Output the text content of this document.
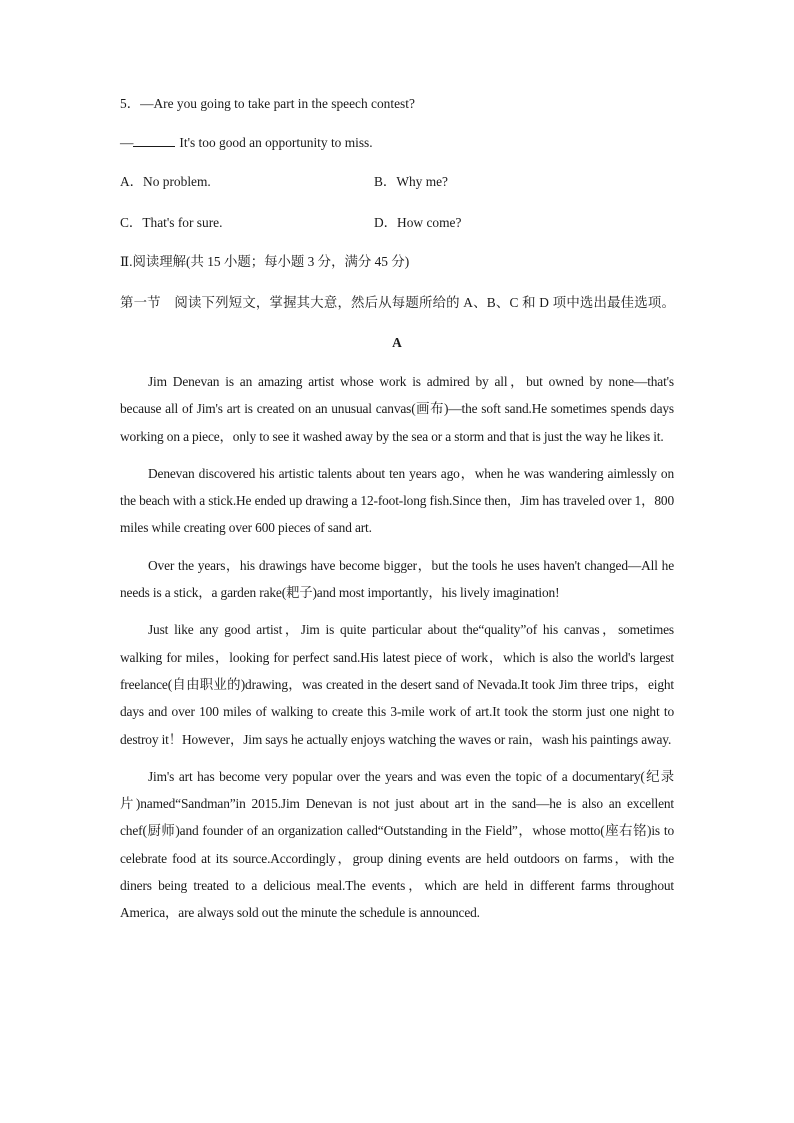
5．—Are you going to take part in the speech contest?
—	It's too good an opportunity to miss.
A．No problem.	B．Why me?
C．That's for sure.	D．How come?
Ⅱ.阅读理解(共 15 小题；每小题 3 分，满分 45 分)
第一节　阅读下列短文，掌握其大意，然后从每题所给的 A、B、C 和 D 项中选出最佳选项。
A

Jim Denevan is an amazing artist whose work is admired by all，but owned by none—that's because all of Jim's art is created on an unusual canvas(画布)—the soft sand.He sometimes spends days working on a piece，only to see it washed away by the sea or a storm and that is just the way he likes it.

Denevan discovered his artistic talents about ten years ago，when he was wandering aimlessly on the beach with a stick.He ended up drawing a 12-foot-long fish.Since then，Jim has traveled over 1，800 miles while creating over 600 pieces of sand art.

Over the years，his drawings have become bigger，but the tools he uses haven't changed—All he needs is a stick，a garden rake(耙子)and most importantly，his lively imagination!

Just like any good artist，Jim is quite particular about the“quality”of his canvas，sometimes walking for miles，looking for perfect sand.His latest piece of work，which is also the world's largest freelance(自由职业的)drawing，was created in the desert sand of Nevada.It took Jim three trips，eight days and over 100 miles of walking to create this 3-mile work of art.It took the storm just one night to destroy it！However，Jim says he actually enjoys watching the waves or rain，wash his paintings away.

Jim's art has become very popular over the years and was even the topic of a documentary(纪录片)named“Sandman”in 2015.Jim Denevan is not just about art in the sand—he is also an excellent chef(厨师)and founder of an organization called“Outstanding in the Field”，whose motto(座右铭)is to celebrate food at its source.Accordingly，group dining events are held outdoors on farms，with the diners being treated to a delicious meal.The events，which are held in different farms throughout America，are always sold out the minute the schedule is announced.
